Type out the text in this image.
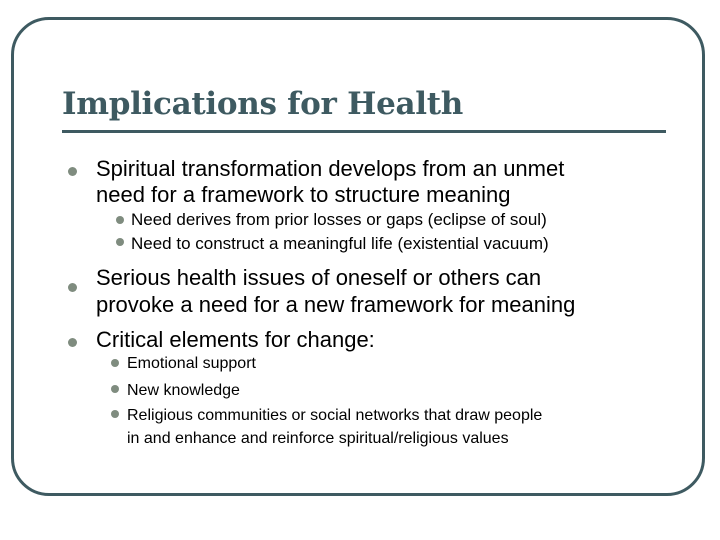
Implications for Health
Spiritual transformation develops from an unmet
need for a framework to structure meaning
Need derives from prior losses or gaps (eclipse of soul)
Need to construct a meaningful life (existential vacuum)
Serious health issues of oneself or others can
provoke a need for a new framework for meaning
Critical elements for change:
Emotional support
New knowledge
Religious communities or social networks that draw people
in and enhance and reinforce spiritual/religious values
